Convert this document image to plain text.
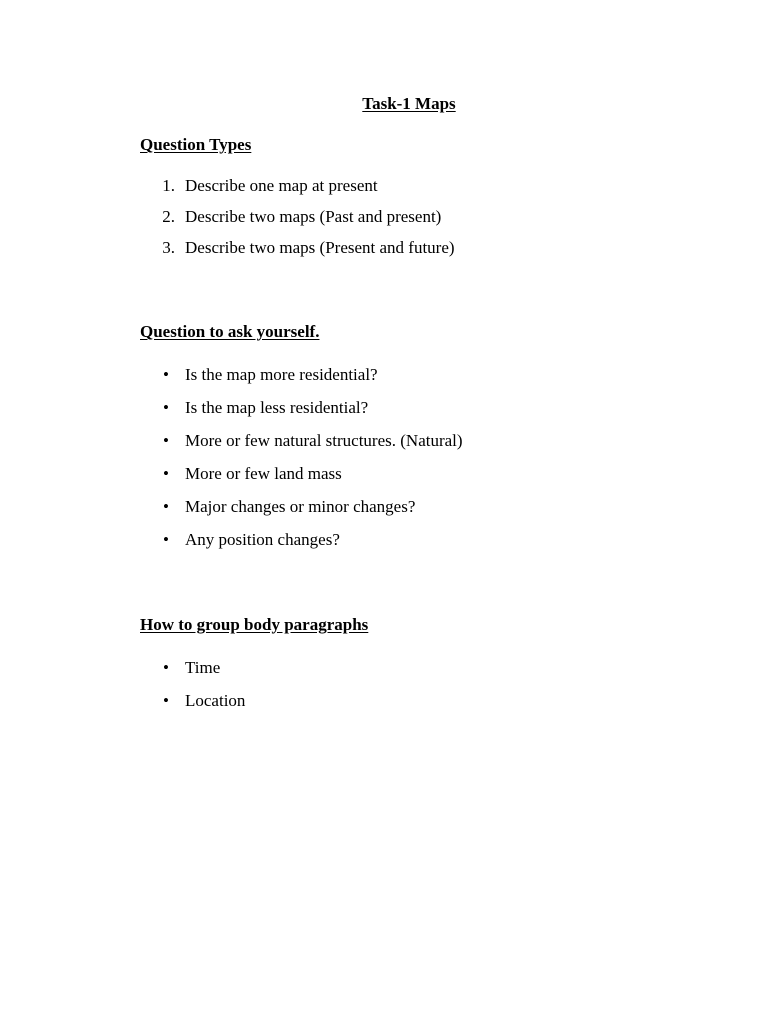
Task-1 Maps
Question Types
1. Describe one map at present
2. Describe two maps (Past and present)
3. Describe two maps (Present and future)
Question to ask yourself.
• Is the map more residential?
• Is the map less residential?
• More or few natural structures. (Natural)
• More or few land mass
• Major changes or minor changes?
• Any position changes?
How to group body paragraphs
• Time
• Location
